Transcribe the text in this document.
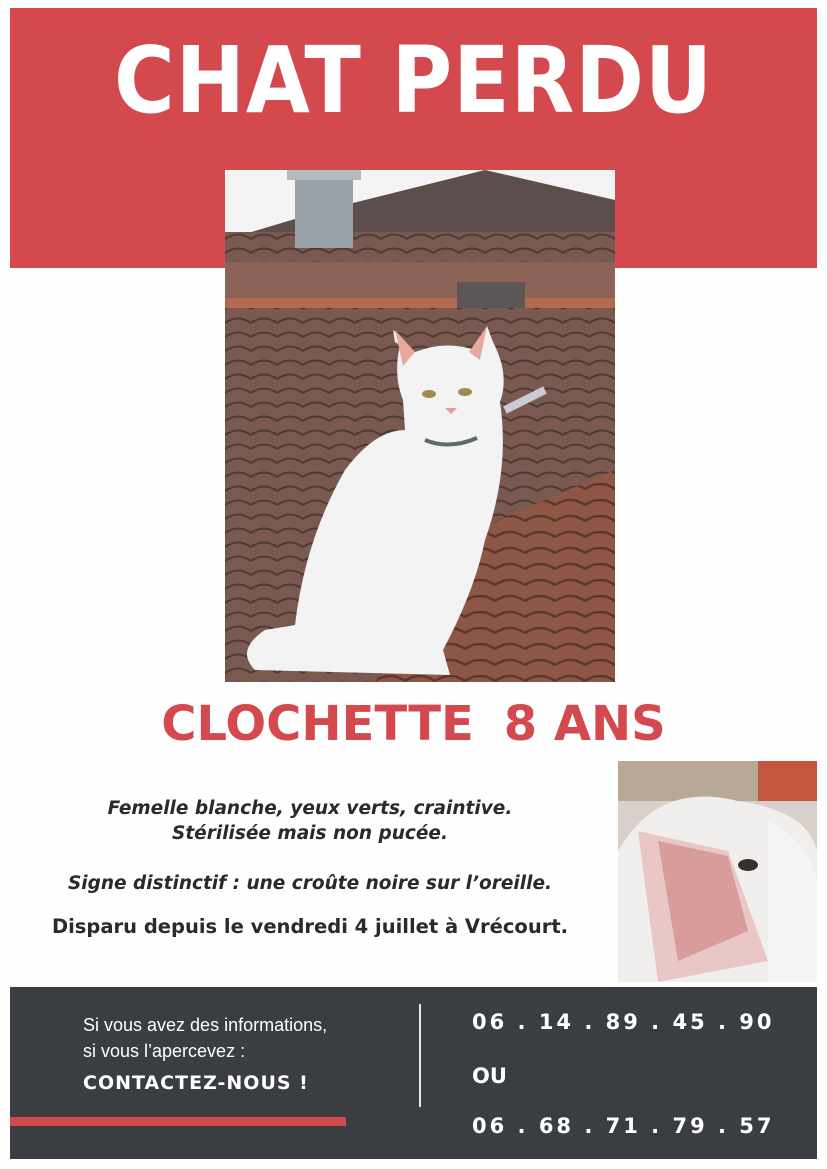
CHAT PERDU
CLOCHETTE 8 ANS
Femelle blanche, yeux verts, craintive.
Stérilisée mais non pucée.
Signe distinctif : une croûte noire sur l’oreille.
Disparu depuis le vendredi 4 juillet à Vrécourt.
Si vous avez des informations,
si vous l’apercevez :
CONTACTEZ-NOUS !
06 . 14 . 89 . 45 . 90
OU
06 . 68 . 71 . 79 . 57
